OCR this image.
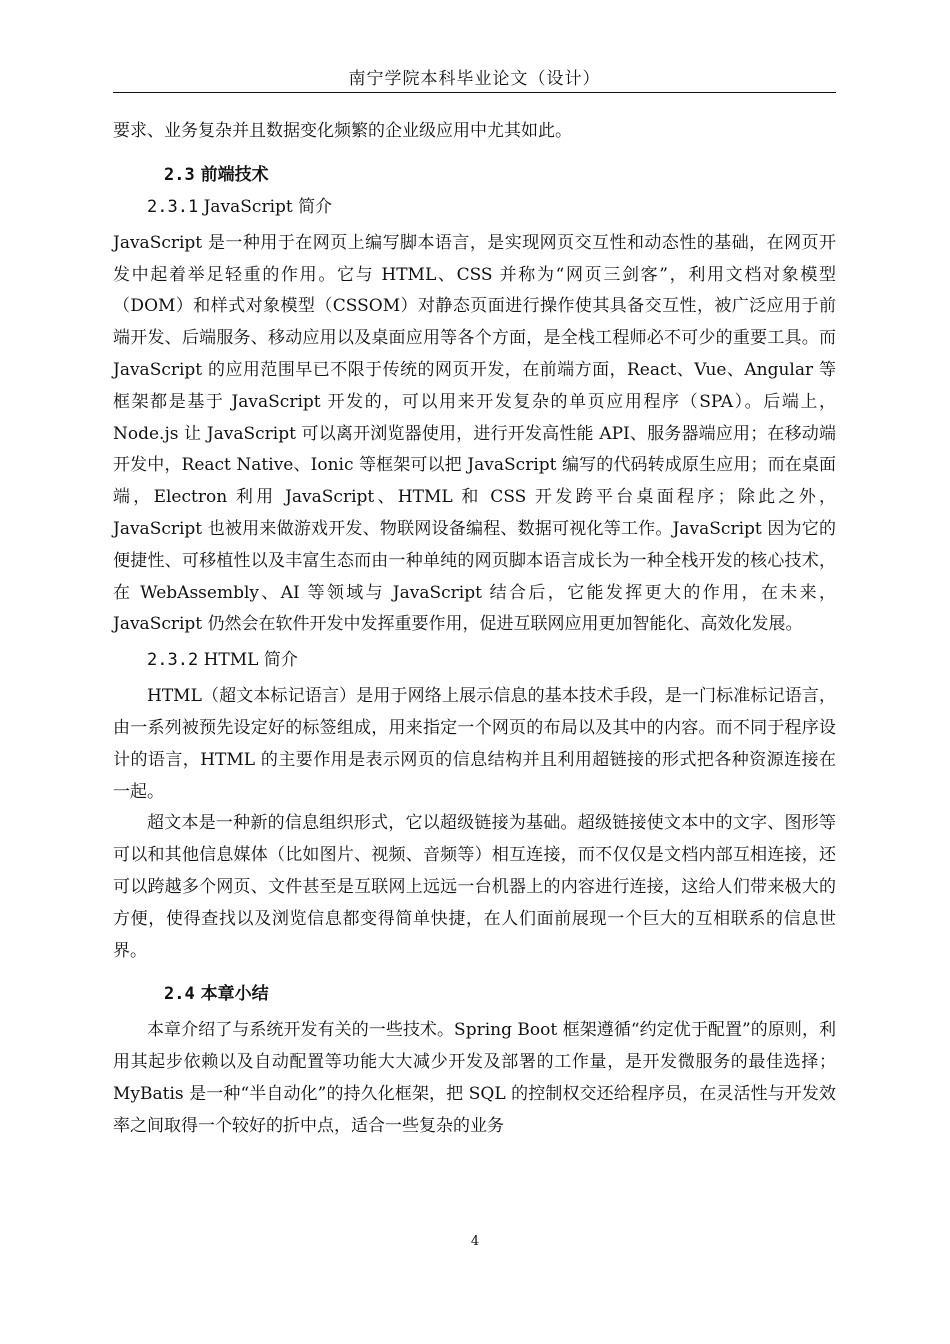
南宁学院本科毕业论文（设计）

要求、业务复杂并且数据变化频繁的企业级应用中尤其如此。

2.3 前端技术
2.3.1 JavaScript 简介

JavaScript 是一种用于在网页上编写脚本语言，是实现网页交互性和动态性的基础，在网页开发中起着举足轻重的作用。它与 HTML、CSS 并称为“网页三剑客”，利用文档对象模型（DOM）和样式对象模型（CSSOM）对静态页面进行操作使其具备交互性，被广泛应用于前端开发、后端服务、移动应用以及桌面应用等各个方面，是全栈工程师必不可少的重要工具。而 JavaScript 的应用范围早已不限于传统的网页开发，在前端方面，React、Vue、Angular 等框架都是基于 JavaScript 开发的，可以用来开发复杂的单页应用程序（SPA）。后端上，Node.js 让 JavaScript 可以离开浏览器使用，进行开发高性能 API、服务器端应用；在移动端开发中，React Native、Ionic 等框架可以把 JavaScript 编写的代码转成原生应用；而在桌面端，Electron 利用 JavaScript、HTML 和 CSS 开发跨平台桌面程序；除此之外，JavaScript 也被用来做游戏开发、物联网设备编程、数据可视化等工作。JavaScript 因为它的便捷性、可移植性以及丰富生态而由一种单纯的网页脚本语言成长为一种全栈开发的核心技术，在 WebAssembly、AI 等领域与 JavaScript 结合后，它能发挥更大的作用，在未来，JavaScript 仍然会在软件开发中发挥重要作用，促进互联网应用更加智能化、高效化发展。

2.3.2 HTML 简介

HTML（超文本标记语言）是用于网络上展示信息的基本技术手段，是一门标准标记语言，由一系列被预先设定好的标签组成，用来指定一个网页的布局以及其中的内容。而不同于程序设计的语言，HTML 的主要作用是表示网页的信息结构并且利用超链接的形式把各种资源连接在一起。

超文本是一种新的信息组织形式，它以超级链接为基础。超级链接使文本中的文字、图形等可以和其他信息媒体（比如图片、视频、音频等）相互连接，而不仅仅是文档内部互相连接，还可以跨越多个网页、文件甚至是互联网上远远一台机器上的内容进行连接，这给人们带来极大的方便，使得查找以及浏览信息都变得简单快捷，在人们面前展现一个巨大的互相联系的信息世界。

2.4 本章小结

本章介绍了与系统开发有关的一些技术。Spring Boot 框架遵循“约定优于配置”的原则，利用其起步依赖以及自动配置等功能大大减少开发及部署的工作量，是开发微服务的最佳选择；MyBatis 是一种“半自动化”的持久化框架，把 SQL 的控制权交还给程序员，在灵活性与开发效率之间取得一个较好的折中点，适合一些复杂的业务

4
